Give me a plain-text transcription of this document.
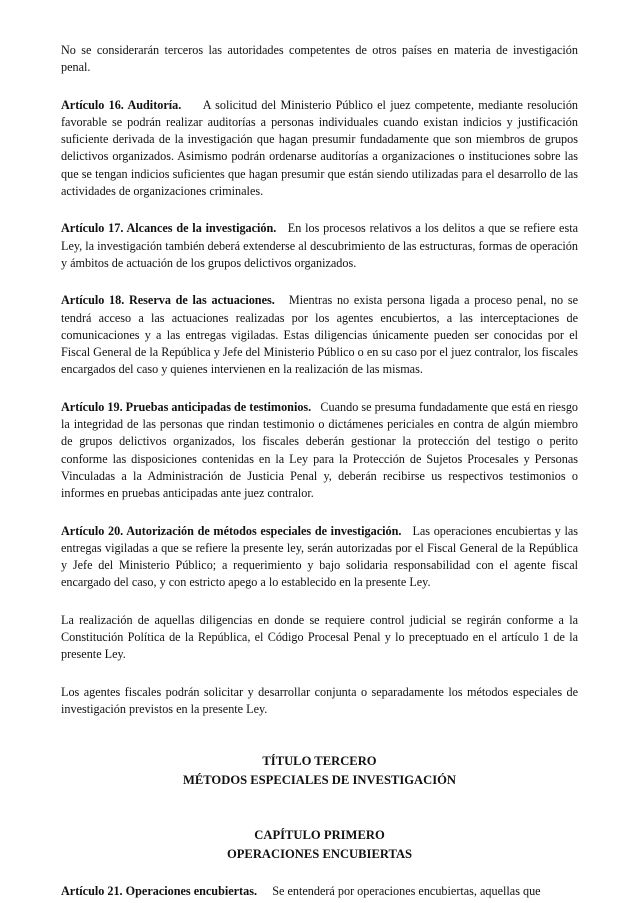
No se considerarán terceros las autoridades competentes de otros países en materia de investigación penal.

Artículo 16. Auditoría. A solicitud del Ministerio Público el juez competente, mediante resolución favorable se podrán realizar auditorías a personas individuales cuando existan indicios y justificación suficiente derivada de la investigación que hagan presumir fundadamente que son miembros de grupos delictivos organizados. Asimismo podrán ordenarse auditorías a organizaciones o instituciones sobre las que se tengan indicios suficientes que hagan presumir que están siendo utilizadas para el desarrollo de las actividades de organizaciones criminales.

Artículo 17. Alcances de la investigación. En los procesos relativos a los delitos a que se refiere esta Ley, la investigación también deberá extenderse al descubrimiento de las estructuras, formas de operación y ámbitos de actuación de los grupos delictivos organizados.

Artículo 18. Reserva de las actuaciones. Mientras no exista persona ligada a proceso penal, no se tendrá acceso a las actuaciones realizadas por los agentes encubiertos, a las interceptaciones de comunicaciones y a las entregas vigiladas. Estas diligencias únicamente pueden ser conocidas por el Fiscal General de la República y Jefe del Ministerio Público o en su caso por el juez contralor, los fiscales encargados del caso y quienes intervienen en la realización de las mismas.

Artículo 19. Pruebas anticipadas de testimonios. Cuando se presuma fundadamente que está en riesgo la integridad de las personas que rindan testimonio o dictámenes periciales en contra de algún miembro de grupos delictivos organizados, los fiscales deberán gestionar la protección del testigo o perito conforme las disposiciones contenidas en la Ley para la Protección de Sujetos Procesales y Personas Vinculadas a la Administración de Justicia Penal y, deberán recibirse us respectivos testimonios o informes en pruebas anticipadas ante juez contralor.

Artículo 20. Autorización de métodos especiales de investigación. Las operaciones encubiertas y las entregas vigiladas a que se refiere la presente ley, serán autorizadas por el Fiscal General de la República y Jefe del Ministerio Público; a requerimiento y bajo solidaria responsabilidad con el agente fiscal encargado del caso, y con estricto apego a lo establecido en la presente Ley.

La realización de aquellas diligencias en donde se requiere control judicial se regirán conforme a la Constitución Política de la República, el Código Procesal Penal y lo preceptuado en el artículo 1 de la presente Ley.

Los agentes fiscales podrán solicitar y desarrollar conjunta o separadamente los métodos especiales de investigación previstos en la presente Ley.

TÍTULO TERCERO
MÉTODOS ESPECIALES DE INVESTIGACIÓN
CAPÍTULO PRIMERO
OPERACIONES ENCUBIERTAS

Artículo 21. Operaciones encubiertas. Se entenderá por operaciones encubiertas, aquellas que
